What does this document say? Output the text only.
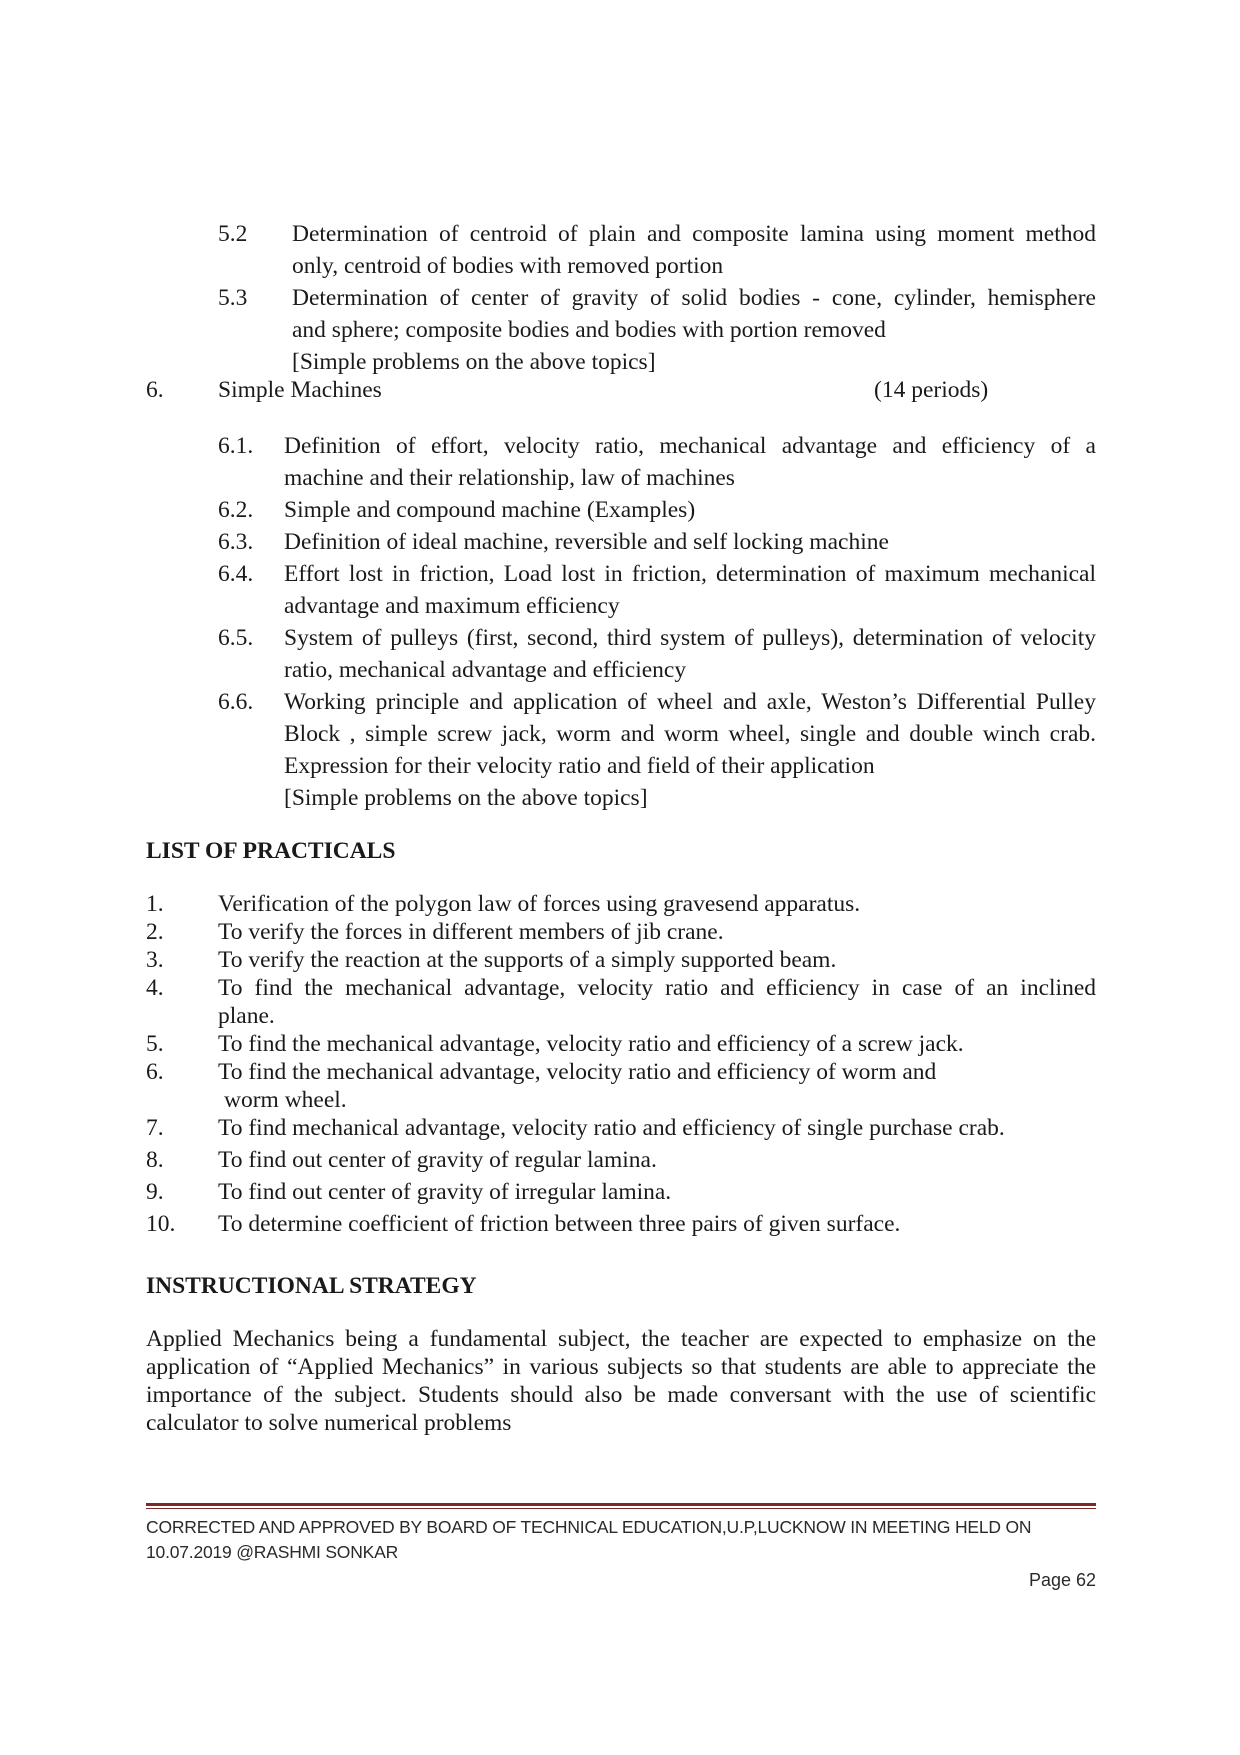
5.2 Determination of centroid of plain and composite lamina using moment method
only, centroid of bodies with removed portion
5.3 Determination of center of gravity of solid bodies - cone, cylinder, hemisphere
and sphere; composite bodies and bodies with portion removed
[Simple problems on the above topics]
6. Simple Machines	(14 periods)
6.1. Definition of effort, velocity ratio, mechanical advantage and efficiency of a
machine and their relationship, law of machines
6.2. Simple and compound machine (Examples)
6.3. Definition of ideal machine, reversible and self locking machine
6.4. Effort lost in friction, Load lost in friction, determination of maximum mechanical
advantage and maximum efficiency
6.5. System of pulleys (first, second, third system of pulleys), determination of velocity
ratio, mechanical advantage and efficiency
6.6. Working principle and application of wheel and axle, Weston’s Differential Pulley
Block , simple screw jack, worm and worm wheel, single and double winch crab.
Expression for their velocity ratio and field of their application
[Simple problems on the above topics]
LIST OF PRACTICALS
1. Verification of the polygon law of forces using gravesend apparatus.
2. To verify the forces in different members of jib crane.
3. To verify the reaction at the supports of a simply supported beam.
4. To find the mechanical advantage, velocity ratio and efficiency in case of an inclined
plane.
5. To find the mechanical advantage, velocity ratio and efficiency of a screw jack.
6. To find the mechanical advantage, velocity ratio and efficiency of worm and
worm wheel.
7. To find mechanical advantage, velocity ratio and efficiency of single purchase crab.
8. To find out center of gravity of regular lamina.
9. To find out center of gravity of irregular lamina.
10. To determine coefficient of friction between three pairs of given surface.
INSTRUCTIONAL STRATEGY
Applied Mechanics being a fundamental subject, the teacher are expected to emphasize on the
application of “Applied Mechanics” in various subjects so that students are able to appreciate the
importance of the subject. Students should also be made conversant with the use of scientific
calculator to solve numerical problems
CORRECTED AND APPROVED BY BOARD OF TECHNICAL EDUCATION,U.P,LUCKNOW IN MEETING HELD ON
10.07.2019 @RASHMI SONKAR
Page 62
